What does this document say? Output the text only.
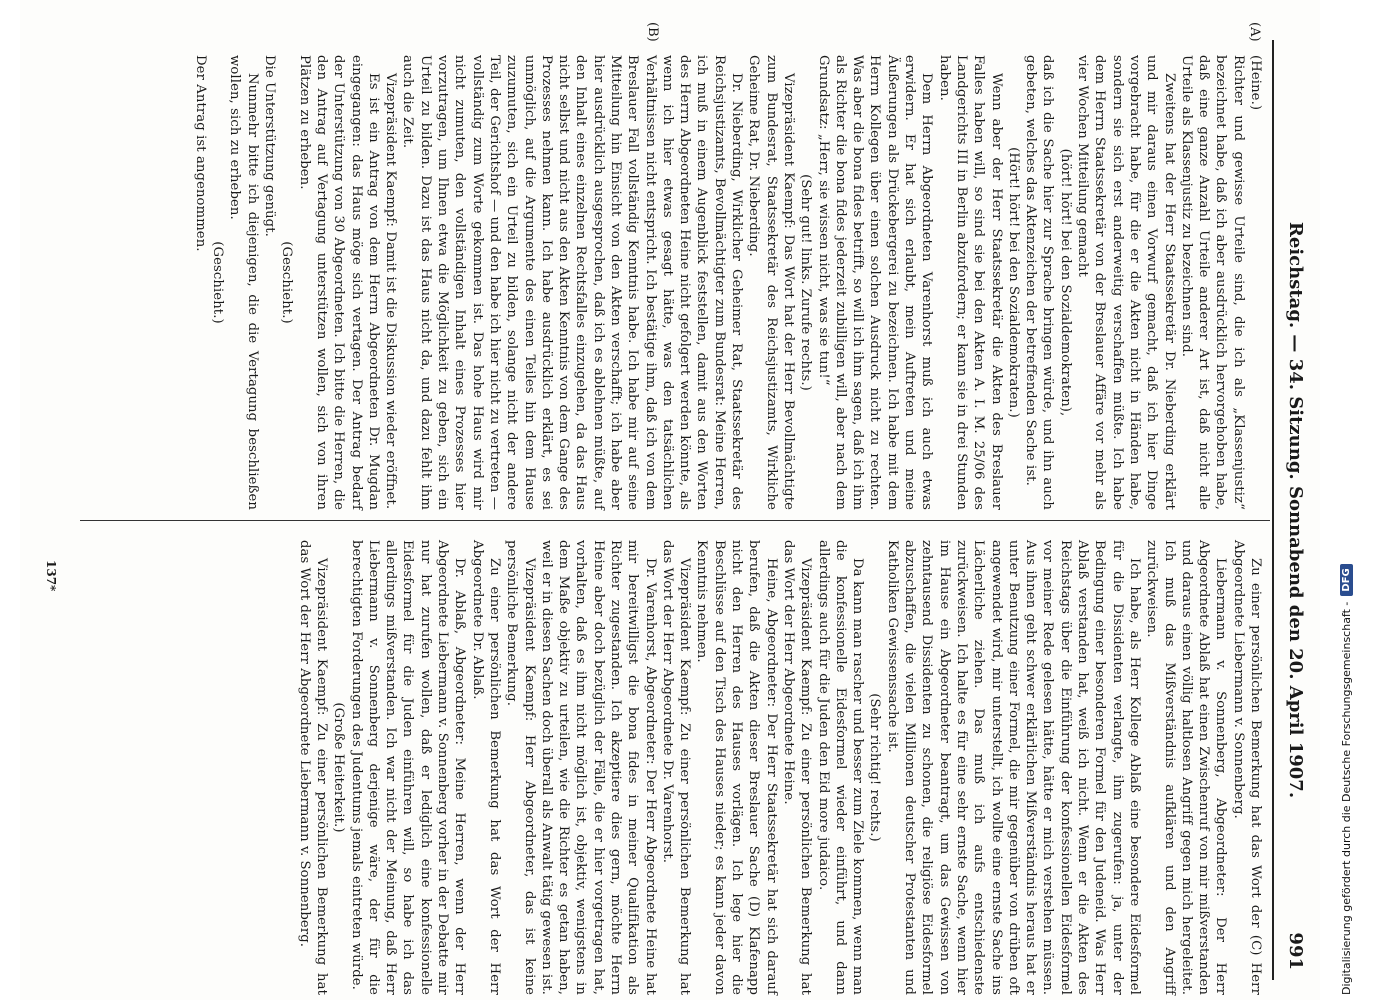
Reichstag. — 34. Sitzung. Sonnabend den 20. April 1907.
991
(A)
(B)

(Heine.)

Richter und gewisse Urteile sind, die ich als „Klassenjustiz“ bezeichnet habe, daß ich aber ausdrücklich hervorgehoben habe, daß eine ganze Anzahl Urteile anderer Art ist, daß nicht alle Urteile als Klassenjustiz zu bezeichnen sind.

Zweitens hat der Herr Staatssekretär Dr. Nieberding erklärt und mir daraus einen Vorwurf gemacht, daß ich hier Dinge vorgebracht habe, für die er die Akten nicht in Händen habe, sondern sie sich erst anderweitig verschaffen müßte. Ich habe dem Herrn Staatssekretär von der Breslauer Affäre vor mehr als vier Wochen Mitteilung gemacht

(hört! hört! bei den Sozialdemokraten),

daß ich die Sache hier zur Sprache bringen würde, und ihn auch gebeten, welches das Aktenzeichen der betreffenden Sache ist.

(Hört! hört! bei den Sozialdemokraten.)

Wenn aber der Herr Staatssekretär die Akten des Breslauer Falles haben will, so sind sie bei den Akten A. I. M. 25/06 des Landgerichts III in Berlin abzufordern; er kann sie in drei Stunden haben.

Dem Herrn Abgeordneten Varenhorst muß ich auch etwas erwidern. Er hat sich erlaubt, mein Auftreten und meine Äußerungen als Drückebergerei zu bezeichnen. Ich habe mit dem Herrn Kollegen über einen solchen Ausdruck nicht zu rechten. Was aber die bona fides betrifft, so will ich ihm sagen, daß ich ihm als Richter die bona fides jederzeit zubilligen will, aber nach dem Grundsatz: „Herr, sie wissen nicht, was sie tun!“

(Sehr gut! links. Zurufe rechts.)

Vizepräsident Kaempf: Das Wort hat der Herr Bevollmächtigte zum Bundesrat, Staatssekretär des Reichsjustizamts, Wirkliche Geheime Rat, Dr. Nieberding.

Dr. Nieberding, Wirklicher Geheimer Rat, Staatssekretär des Reichsjustizamts, Bevollmächtigter zum Bundesrat: Meine Herren, ich muß in einem Augenblick feststellen, damit aus den Worten des Herrn Abgeordneten Heine nicht gefolgert werden könnte, als wenn ich hier etwas gesagt hätte, was den tatsächlichen Verhältnissen nicht entspricht. Ich bestätige ihm, daß ich von dem Breslauer Fall vollständig Kenntnis habe. Ich habe mir auf seine Mitteilung hin Einsicht von den Akten verschafft; ich habe aber hier ausdrücklich ausgesprochen, daß ich es ablehnen müßte, auf den Inhalt eines einzelnen Rechtsfalles einzugehen, da das Haus nicht selbst und nicht aus den Akten Kenntnis von dem Gange des Prozesses nehmen kann. Ich habe ausdrücklich erklärt, es sei unmöglich, auf die Argumente des einen Teiles hin dem Hause zuzumuten, sich ein Urteil zu bilden, solange nicht der andere Teil, der Gerichtshof — und den habe ich hier nicht zu vertreten — vollständig zum Worte gekommen ist. Das hohe Haus wird mir nicht zumuten, den vollständigen Inhalt eines Prozesses hier vorzutragen, um Ihnen etwa die Möglichkeit zu geben, sich ein Urteil zu bilden. Dazu ist das Haus nicht da, und dazu fehlt ihm auch die Zeit.

Vizepräsident Kaempf: Damit ist die Diskussion wieder eröffnet.

Es ist ein Antrag von dem Herrn Abgeordneten Dr. Mugdan eingegangen: das Haus möge sich vertagen. Der Antrag bedarf der Unterstützung von 30 Abgeordneten. Ich bitte die Herren, die den Antrag auf Vertagung unterstützen wollen, sich von ihren Plätzen zu erheben.

(Geschieht.)

Die Unterstützung genügt.

Nunmehr bitte ich diejenigen, die die Vertagung beschließen wollen, sich zu erheben.

(Geschieht.)

Der Antrag ist angenommen.

Zu einer persönlichen Bemerkung hat das Wort der (C) Herr Abgeordnete Liebermann v. Sonnenberg.

Liebermann v. Sonnenberg, Abgeordneter: Der Herr Abgeordnete Ablaß hat einen Zwischenruf von mir mißverstanden und daraus einen völlig haltlosen Angriff gegen mich hergeleitet. Ich muß das Mißverständnis aufklären und den Angriff zurückweisen.

Ich habe, als Herr Kollege Ablaß eine besondere Eidesformel für die Dissidenten verlangte, ihm zugerufen: ja, unter der Bedingung einer besonderen Formel für den Judeneid. Was Herr Ablaß verstanden hat, weiß ich nicht. Wenn er die Akten des Reichstags über die Einführung der konfessionellen Eidesformel vor meiner Rede gelesen hätte, hätte er mich verstehen müssen. Aus ihnen geht schwer erklärlichen Mißverständnis heraus hat er unter Benutzung einer Formel, die mir gegenüber von drüben oft angewendet wird, mir unterstellt, ich wollte eine ernste Sache ins Lächerliche ziehen. Das muß ich aufs entschiedenste zurückweisen. Ich halte es für eine sehr ernste Sache, wenn hier im Hause ein Abgeordneter beantragt, um das Gewissen von zehntausend Dissidenten zu schonen, die religiöse Eidesformel abzuschaffen, die vielen Millionen deutscher Protestanten und Katholiken Gewissenssache ist.

(Sehr richtig! rechts.)

Da kann man rascher und besser zum Ziele kommen, wenn man die konfessionelle Eidesformel wieder einführt, und dann allerdings auch für die Juden den Eid more judaico.

Vizepräsident Kaempf: Zu einer persönlichen Bemerkung hat das Wort der Herr Abgeordnete Heine.

Heine, Abgeordneter: Der Herr Staatssekretär hat sich darauf berufen, daß die Akten dieser Breslauer Sache (D) Klafenapp nicht den Herren des Hauses vorlägen. Ich lege hier die Beschlüsse auf den Tisch des Hauses nieder; es kann jeder davon Kenntnis nehmen.

Vizepräsident Kaempf: Zu einer persönlichen Bemerkung hat das Wort der Herr Abgeordnete Dr. Varenhorst.

Dr. Varenhorst, Abgeordneter: Der Herr Abgeordnete Heine hat mir bereitwilligst die bona fides in meiner Qualifikation als Richter zugestanden. Ich akzeptiere dies gern, möchte Herrn Heine aber doch bezüglich der Fälle, die er hier vorgetragen hat, vorhalten, daß es ihm nicht möglich ist, objektiv, wenigstens in dem Maße objektiv zu urteilen, wie die Richter es getan haben, weil er in diesen Sachen doch überall als Anwalt tätig gewesen ist.

Vizepräsident Kaempf: Herr Abgeordneter, das ist keine persönliche Bemerkung.

Zu einer persönlichen Bemerkung hat das Wort der Herr Abgeordnete Dr. Ablaß.

Dr. Ablaß, Abgeordneter: Meine Herren, wenn der Herr Abgeordnete Liebermann v. Sonnenberg vorher in der Debatte mir nur hat zurufen wollen, daß er lediglich eine konfessionelle Eidesformel für die Juden einführen will, so habe ich das allerdings mißverstanden. Ich war nicht der Meinung, daß Herr Liebermann v. Sonnenberg derjenige wäre, der für die berechtigten Forderungen des Judentums jemals eintreten würde.

(Große Heiterkeit.)

Vizepräsident Kaempf: Zu einer persönlichen Bemerkung hat das Wort der Herr Abgeordnete Liebermann v. Sonnenberg.

137*
Digitalisierung gefördert durch die Deutsche Forschungsgemeinschaft -
DFG
